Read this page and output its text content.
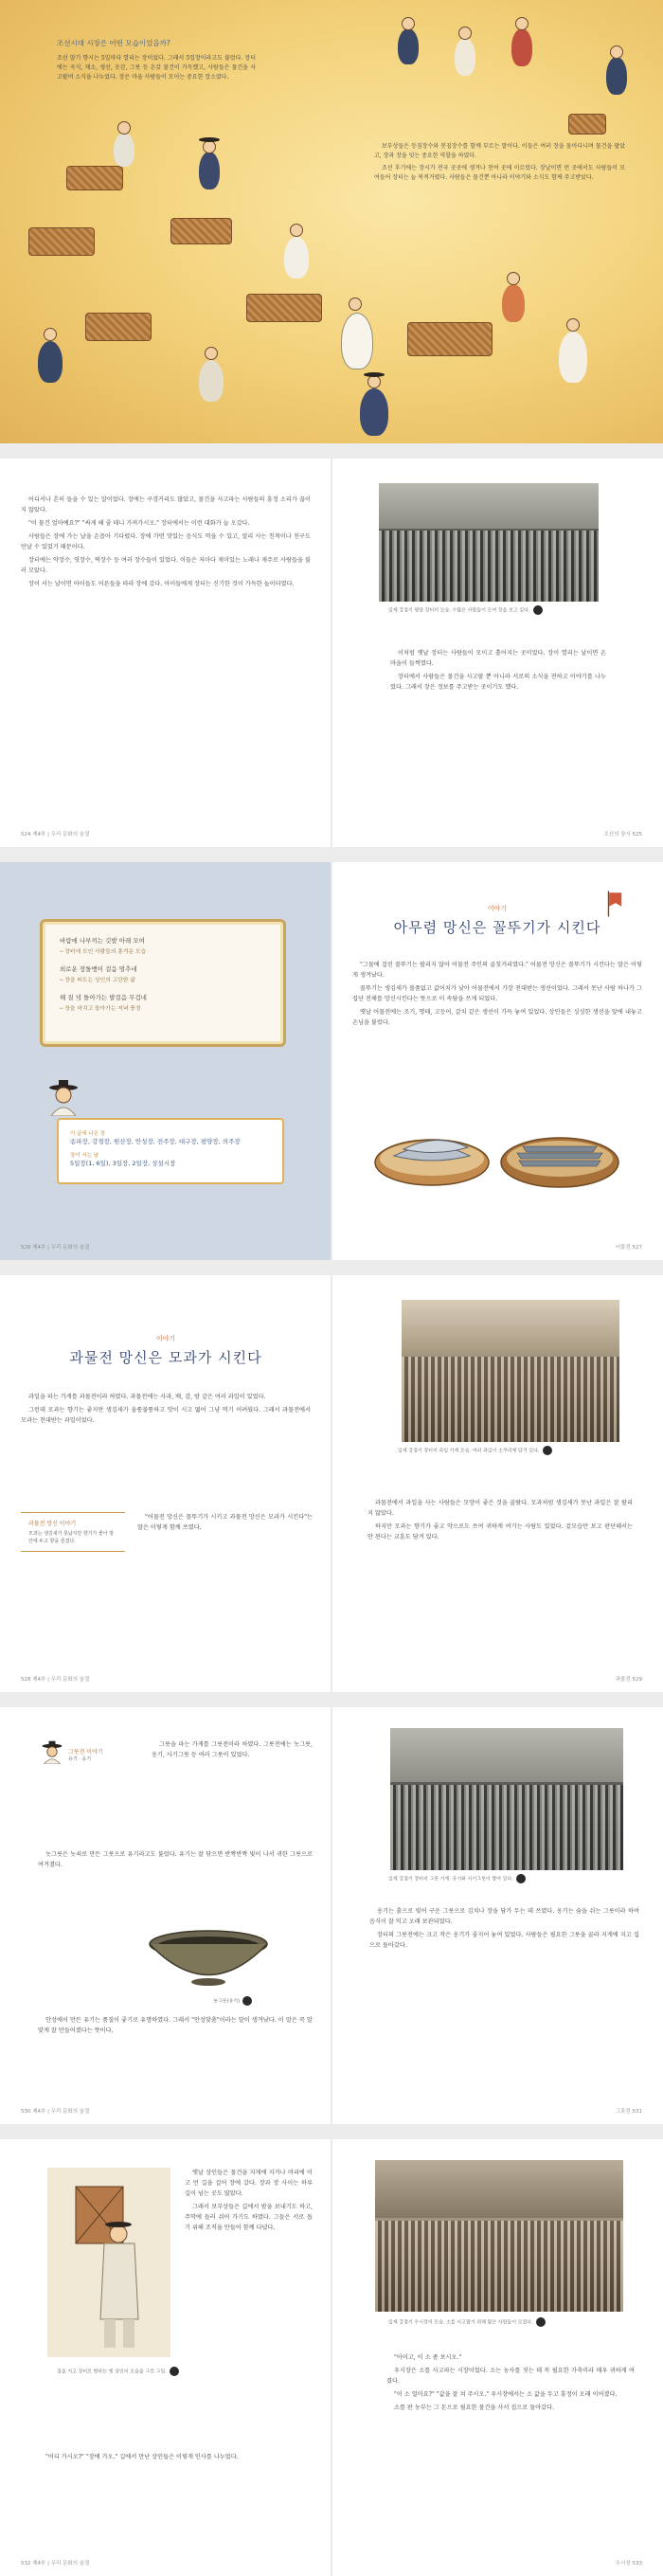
조선시대 시장은 어떤 모습이었을까?
조선 말기 향시는 5일마다 열리는 장이었다. 그래서 5일장이라고도 불렀다. 장터에는 곡식, 채소, 생선, 옷감, 그릇 등 온갖 물건이 가득했고, 사람들은 물건을 사고팔며 소식을 나누었다. 장은 마을 사람들이 모이는 중요한 장소였다.

보부상들은 등짐장수와 봇짐장수를 함께 부르는 말이다. 이들은 여러 장을 돌아다니며 물건을 팔았고, 장과 장을 잇는 중요한 역할을 하였다.

조선 후기에는 장시가 전국 곳곳에 생겨나 천여 곳에 이르렀다. 장날이면 먼 곳에서도 사람들이 모여들어 장터는 늘 북적거렸다. 사람들은 물건뿐 아니라 이야기와 소식도 함께 주고받았다.

어디서나 흔히 들을 수 있는 말이었다. 장에는 구경거리도 많았고, 물건을 사고파는 사람들의 흥정 소리가 끊이지 않았다.

"이 물건 얼마예요?" "싸게 해 줄 테니 가져가시오." 장터에서는 이런 대화가 늘 오갔다.

사람들은 장에 가는 날을 손꼽아 기다렸다. 장에 가면 맛있는 음식도 먹을 수 있고, 멀리 사는 친척이나 친구도 만날 수 있었기 때문이다.

장터에는 약장수, 엿장수, 떡장수 등 여러 장수들이 있었다. 이들은 저마다 재미있는 노래나 재주로 사람들을 불러 모았다.

장이 서는 날이면 아이들도 어른들을 따라 장에 갔다. 아이들에게 장터는 신기한 것이 가득한 놀이터였다.

524 제4부 | 우리 문화의 숨결
일제 강점기 평양 장터의 모습. 수많은 사람들이 모여 장을 보고 있다.

이처럼 옛날 장터는 사람들이 모이고 흩어지는 곳이었다. 장이 열리는 날이면 온 마을이 들썩였다.

장터에서 사람들은 물건을 사고팔 뿐 아니라 서로의 소식을 전하고 이야기를 나누었다. 그래서 장은 정보를 주고받는 곳이기도 했다.

조선의 장시 525
바람에 나부끼는 깃발 아래 모여
─ 장터에 모인 사람들의 흥겨운 모습
외로운 장돌뱅이 걸음 멈추네
─ 장을 떠도는 상인의 고단한 삶
해 질 녘 돌아가는 발걸음 무겁네
─ 장을 마치고 돌아가는 저녁 풍경
이 글에 나온 장
송파장, 강경장, 원산장, 안성장, 전주장, 대구장, 평양장, 의주장
장이 서는 날
5일장(1, 6일), 3일장, 2일장, 상설시장
526 제4부 | 우리 문화의 숨결
이야기
아무렴 망신은 꼴뚜기가 시킨다

"그물에 걸린 꼴뚜기는 팔리지 않아 어물전 주인의 골칫거리였다." 어물전 망신은 꼴뚜기가 시킨다는 말은 이렇게 생겨났다.

꼴뚜기는 생김새가 볼품없고 값어치가 낮아 어물전에서 가장 천대받는 생선이었다. 그래서 못난 사람 하나가 그 집단 전체를 망신시킨다는 뜻으로 이 속담을 쓰게 되었다.

옛날 어물전에는 조기, 명태, 고등어, 갈치 같은 생선이 가득 놓여 있었다. 상인들은 싱싱한 생선을 앞에 내놓고 손님을 불렀다.

어물전 527
이야기
과물전 망신은 모과가 시킨다

과일을 파는 가게를 과물전이라 하였다. 과물전에는 사과, 배, 감, 밤 같은 여러 과일이 있었다.

그런데 모과는 향기는 좋지만 생김새가 울퉁불퉁하고 맛이 시고 떫어 그냥 먹기 어려웠다. 그래서 과물전에서 모과는 천대받는 과일이었다.

과물전 망신 이야기
모과는 생김새가 못났지만 향기가 좋아 방 안에 두고 향을 즐겼다.

"어물전 망신은 꼴뚜기가 시키고 과물전 망신은 모과가 시킨다"는 말은 이렇게 함께 쓰였다.

528 제4부 | 우리 문화의 숨결
일제 강점기 장터의 과일 가게 모습. 여러 과일이 소쿠리에 담겨 있다.

과물전에서 과일을 사는 사람들은 모양이 좋은 것을 골랐다. 모과처럼 생김새가 못난 과일은 잘 팔리지 않았다.

하지만 모과는 향기가 좋고 약으로도 쓰여 귀하게 여기는 사람도 있었다. 겉모습만 보고 판단해서는 안 된다는 교훈도 담겨 있다.

과물전 529
그릇전 이야기
유기 · 옹기

그릇을 파는 가게를 그릇전이라 하였다. 그릇전에는 놋그릇, 옹기, 사기그릇 등 여러 그릇이 있었다.

놋그릇은 놋쇠로 만든 그릇으로 유기라고도 불렀다. 유기는 잘 닦으면 반짝반짝 빛이 나서 귀한 그릇으로 여겨졌다.

놋그릇(유기)

안성에서 만든 유기는 품질이 좋기로 유명하였다. 그래서 "안성맞춤"이라는 말이 생겨났다. 이 말은 꼭 알맞게 잘 만들어졌다는 뜻이다.

530 제4부 | 우리 문화의 숨결
일제 강점기 장터의 그릇 가게. 옹기와 사기그릇이 쌓여 있다.

옹기는 흙으로 빚어 구운 그릇으로 김치나 장을 담가 두는 데 쓰였다. 옹기는 숨을 쉬는 그릇이라 하여 음식이 잘 익고 오래 보관되었다.

장터의 그릇전에는 크고 작은 옹기가 줄지어 놓여 있었다. 사람들은 필요한 그릇을 골라 지게에 지고 집으로 돌아갔다.

그릇전 531
짐을 지고 장터로 향하는 옛 상인의 모습을 그린 그림.

옛날 상인들은 물건을 지게에 지거나 머리에 이고 먼 길을 걸어 장에 갔다. 장과 장 사이는 하루 길이 넘는 곳도 많았다.

그래서 보부상들은 길에서 밤을 보내기도 하고, 주막에 들러 쉬어 가기도 하였다. 그들은 서로 돕기 위해 조직을 만들어 함께 다녔다.

"어디 가시오?" "장에 가오." 길에서 만난 상인들은 이렇게 인사를 나누었다.

532 제4부 | 우리 문화의 숨결
일제 강점기 우시장의 모습. 소를 사고팔기 위해 많은 사람들이 모였다.

"아이고, 이 소 좀 보시오."

우시장은 소를 사고파는 시장이었다. 소는 농사를 짓는 데 꼭 필요한 가축이라 매우 귀하게 여겼다.

"이 소 얼마요?" "값을 잘 쳐 주시오." 우시장에서는 소 값을 두고 흥정이 오래 이어졌다.

소를 판 농부는 그 돈으로 필요한 물건을 사서 집으로 돌아갔다.

우시장 533
